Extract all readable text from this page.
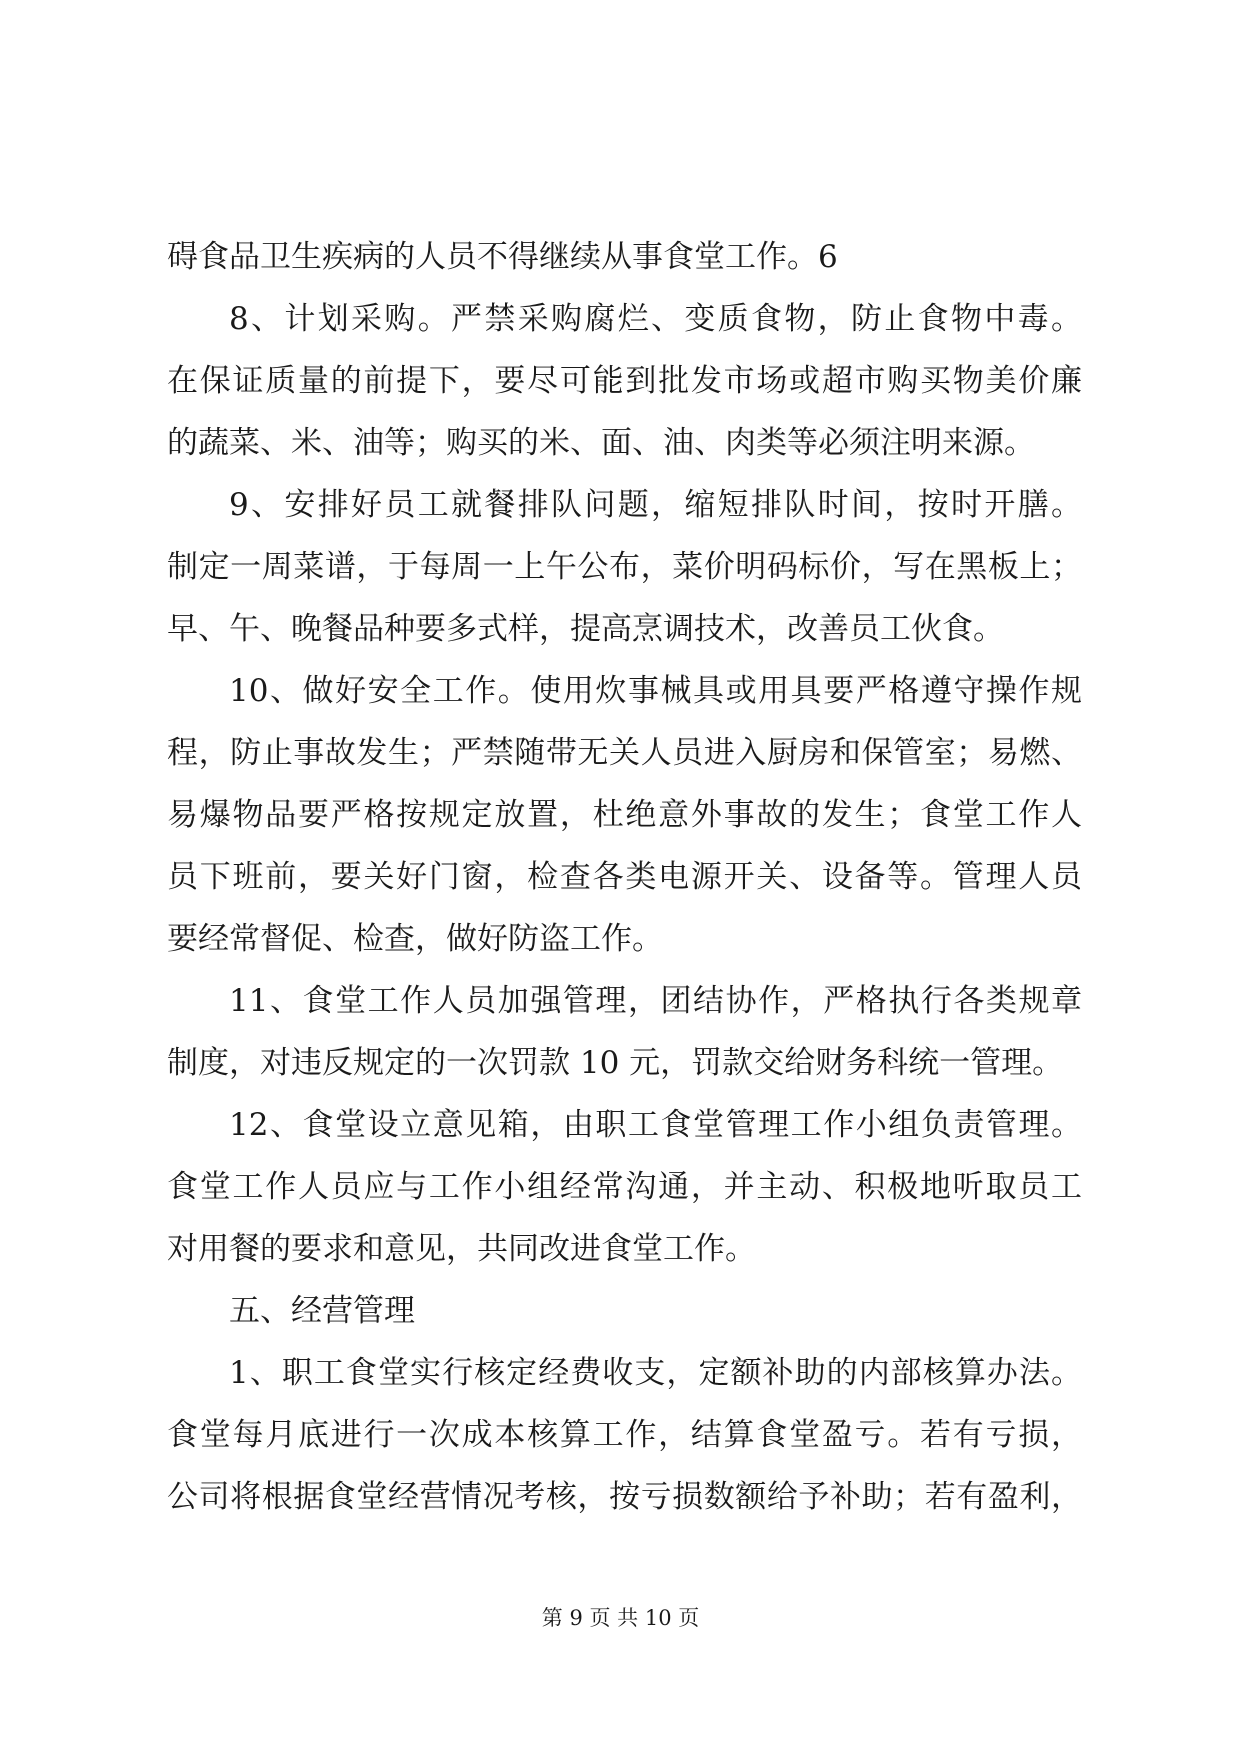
碍食品卫生疾病的人员不得继续从事食堂工作。6
8、计划采购。严禁采购腐烂、变质食物，防止食物中毒。
在保证质量的前提下，要尽可能到批发市场或超市购买物美价廉
的蔬菜、米、油等；购买的米、面、油、肉类等必须注明来源。
9、安排好员工就餐排队问题，缩短排队时间，按时开膳。
制定一周菜谱，于每周一上午公布，菜价明码标价，写在黑板上；
早、午、晚餐品种要多式样，提高烹调技术，改善员工伙食。
10、做好安全工作。使用炊事械具或用具要严格遵守操作规
程，防止事故发生；严禁随带无关人员进入厨房和保管室；易燃、
易爆物品要严格按规定放置，杜绝意外事故的发生；食堂工作人
员下班前，要关好门窗，检查各类电源开关、设备等。管理人员
要经常督促、检查，做好防盗工作。
11、食堂工作人员加强管理，团结协作，严格执行各类规章
制度，对违反规定的一次罚款 10 元，罚款交给财务科统一管理。
12、食堂设立意见箱，由职工食堂管理工作小组负责管理。
食堂工作人员应与工作小组经常沟通，并主动、积极地听取员工
对用餐的要求和意见，共同改进食堂工作。
五、经营管理
1、职工食堂实行核定经费收支，定额补助的内部核算办法。
食堂每月底进行一次成本核算工作，结算食堂盈亏。若有亏损，
公司将根据食堂经营情况考核，按亏损数额给予补助；若有盈利，
第 9 页 共 10 页
